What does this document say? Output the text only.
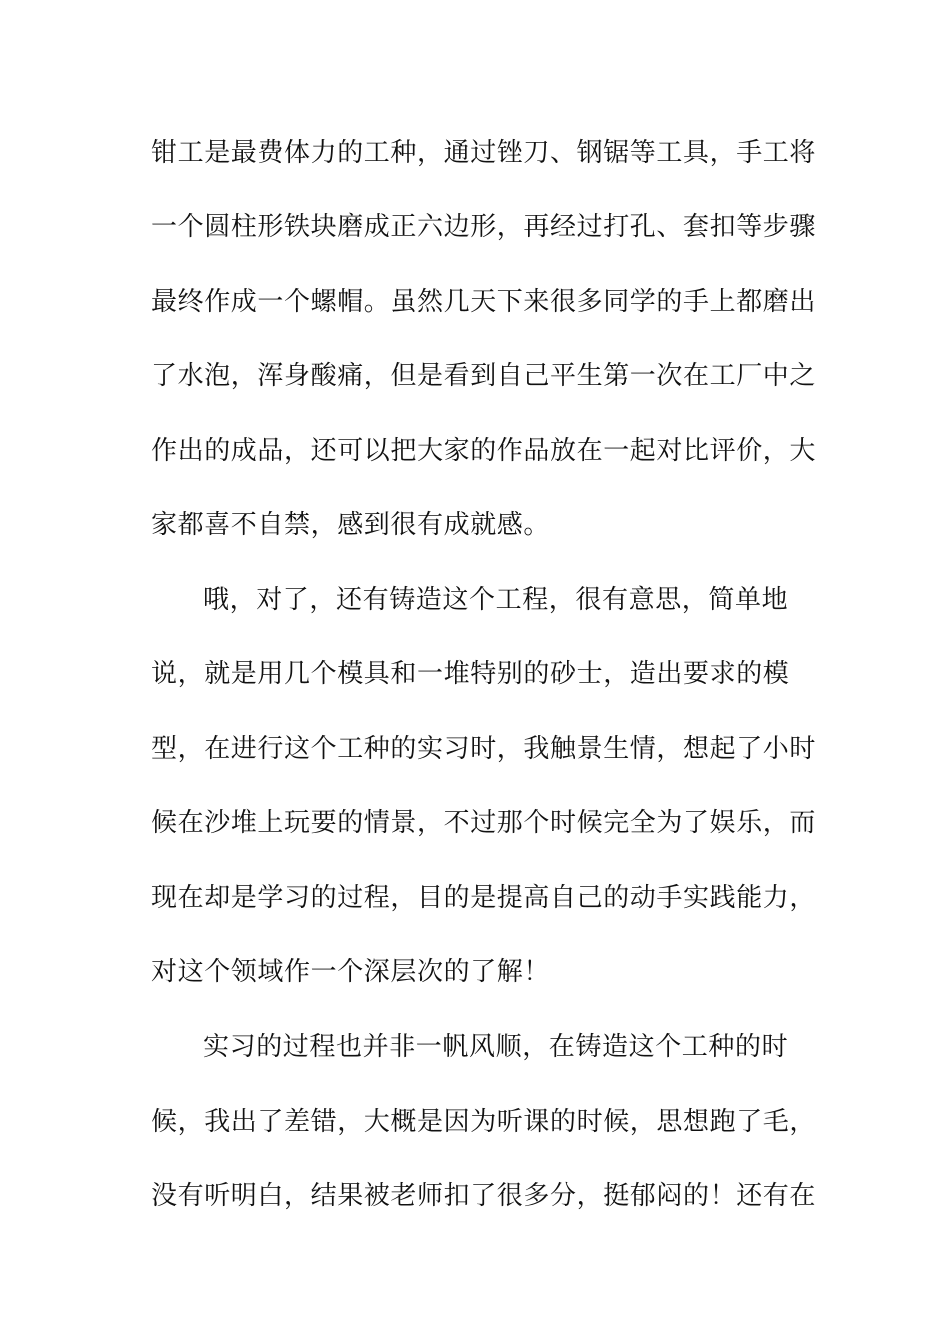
钳工是最费体力的工种，通过锉刀、钢锯等工具，手工将
一个圆柱形铁块磨成正六边形，再经过打孔、套扣等步骤
最终作成一个螺帽。虽然几天下来很多同学的手上都磨出
了水泡，浑身酸痛，但是看到自己平生第一次在工厂中之
作出的成品，还可以把大家的作品放在一起对比评价，大
家都喜不自禁，感到很有成就感。
哦，对了，还有铸造这个工程，很有意思，简单地
说，就是用几个模具和一堆特别的砂士，造出要求的模
型，在进行这个工种的实习时，我触景生情，想起了小时
候在沙堆上玩要的情景，不过那个时候完全为了娱乐，而
现在却是学习的过程，目的是提高自己的动手实践能力，
对这个领域作一个深层次的了解！
实习的过程也并非一帆风顺，在铸造这个工种的时
候，我出了差错，大概是因为听课的时候，思想跑了毛，
没有听明白，结果被老师扣了很多分，挺郁闷的！还有在
